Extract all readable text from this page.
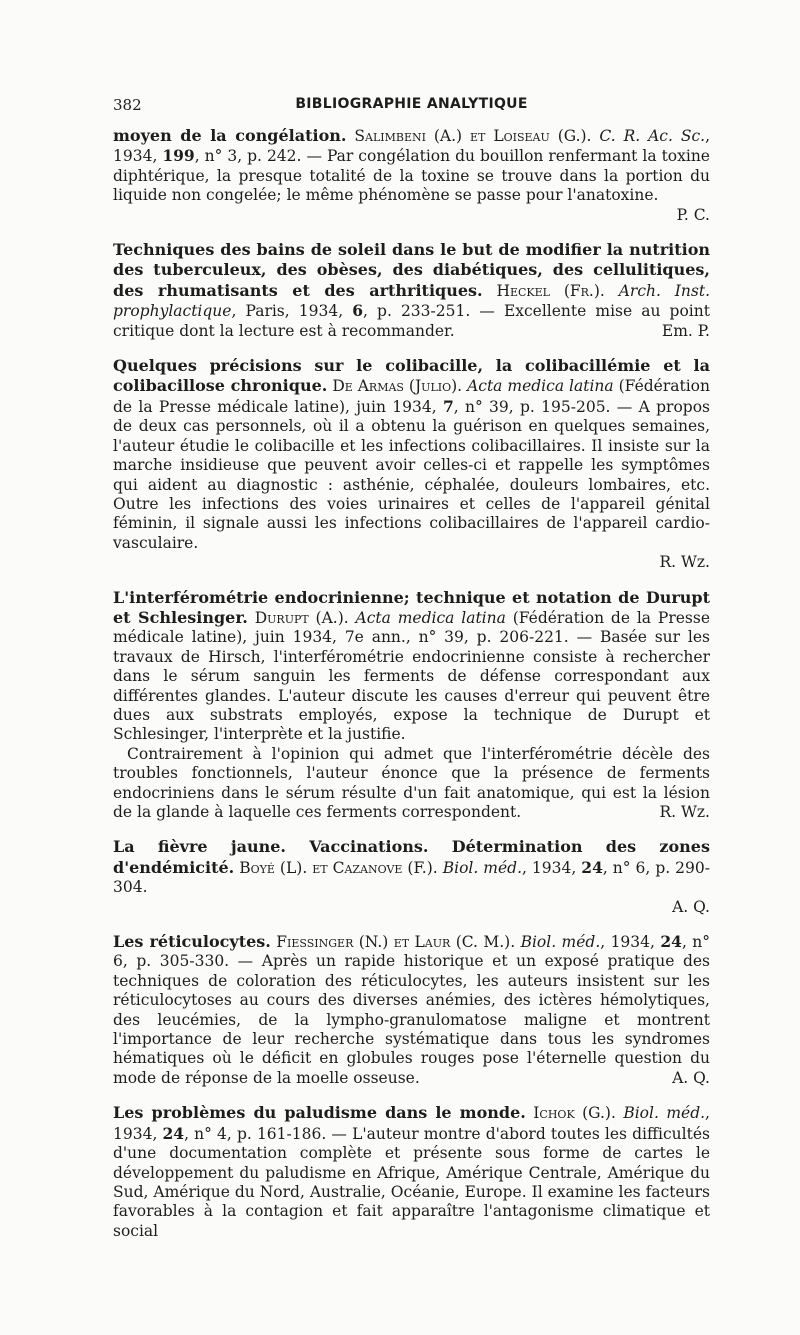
382	BIBLIOGRAPHIE ANALYTIQUE

moyen de la congélation. Salimbeni (A.) et Loiseau (G.). C. R. Ac. Sc., 1934, 199, n° 3, p. 242. — Par congélation du bouillon renfermant la toxine diphtérique, la presque totalité de la toxine se trouve dans la portion du liquide non congelée; le même phénomène se passe pour l'anatoxine.

P. C.

Techniques des bains de soleil dans le but de modifier la nutrition des tuberculeux, des obèses, des diabétiques, des cellulitiques, des rhumatisants et des arthritiques. Heckel (Fr.). Arch. Inst. prophylactique, Paris, 1934, 6, p. 233-251. — Excellente mise au point critique dont la lecture est à recommander.	Em. P.

Quelques précisions sur le colibacille, la colibacillémie et la colibacillose chronique. De Armas (Julio). Acta medica latina (Fédération de la Presse médicale latine), juin 1934, 7, n° 39, p. 195-205. — A propos de deux cas personnels, où il a obtenu la guérison en quelques semaines, l'auteur étudie le colibacille et les infections colibacillaires. Il insiste sur la marche insidieuse que peuvent avoir celles-ci et rappelle les symptômes qui aident au diagnostic : asthénie, céphalée, douleurs lombaires, etc. Outre les infections des voies urinaires et celles de l'appareil génital féminin, il signale aussi les infections colibacillaires de l'appareil cardio-vasculaire.

R. Wz.

L'interférométrie endocrinienne; technique et notation de Durupt et Schlesinger. Durupt (A.). Acta medica latina (Fédération de la Presse médicale latine), juin 1934, 7e ann., n° 39, p. 206-221. — Basée sur les travaux de Hirsch, l'interférométrie endocrinienne consiste à rechercher dans le sérum sanguin les ferments de défense correspondant aux différentes glandes. L'auteur discute les causes d'erreur qui peuvent être dues aux substrats employés, expose la technique de Durupt et Schlesinger, l'interprète et la justifie.

Contrairement à l'opinion qui admet que l'interférométrie décèle des troubles fonctionnels, l'auteur énonce que la présence de ferments endocriniens dans le sérum résulte d'un fait anatomique, qui est la lésion de la glande à laquelle ces ferments correspondent.	R. Wz.

La fièvre jaune. Vaccinations. Détermination des zones d'endémicité. Boyé (L). et Cazanove (F.). Biol. méd., 1934, 24, n° 6, p. 290-304.

A. Q.

Les réticulocytes. Fiessinger (N.) et Laur (C. M.). Biol. méd., 1934, 24, n° 6, p. 305-330. — Après un rapide historique et un exposé pratique des techniques de coloration des réticulocytes, les auteurs insistent sur les réticulocytoses au cours des diverses anémies, des ictères hémolytiques, des leucémies, de la lympho-granulomatose maligne et montrent l'importance de leur recherche systématique dans tous les syndromes hématiques où le déficit en globules rouges pose l'éternelle question du mode de réponse de la moelle osseuse.	A. Q.

Les problèmes du paludisme dans le monde. Ichok (G.). Biol. méd., 1934, 24, n° 4, p. 161-186. — L'auteur montre d'abord toutes les difficultés d'une documentation complète et présente sous forme de cartes le développement du paludisme en Afrique, Amérique Centrale, Amérique du Sud, Amérique du Nord, Australie, Océanie, Europe. Il examine les facteurs favorables à la contagion et fait apparaître l'antagonisme climatique et social
